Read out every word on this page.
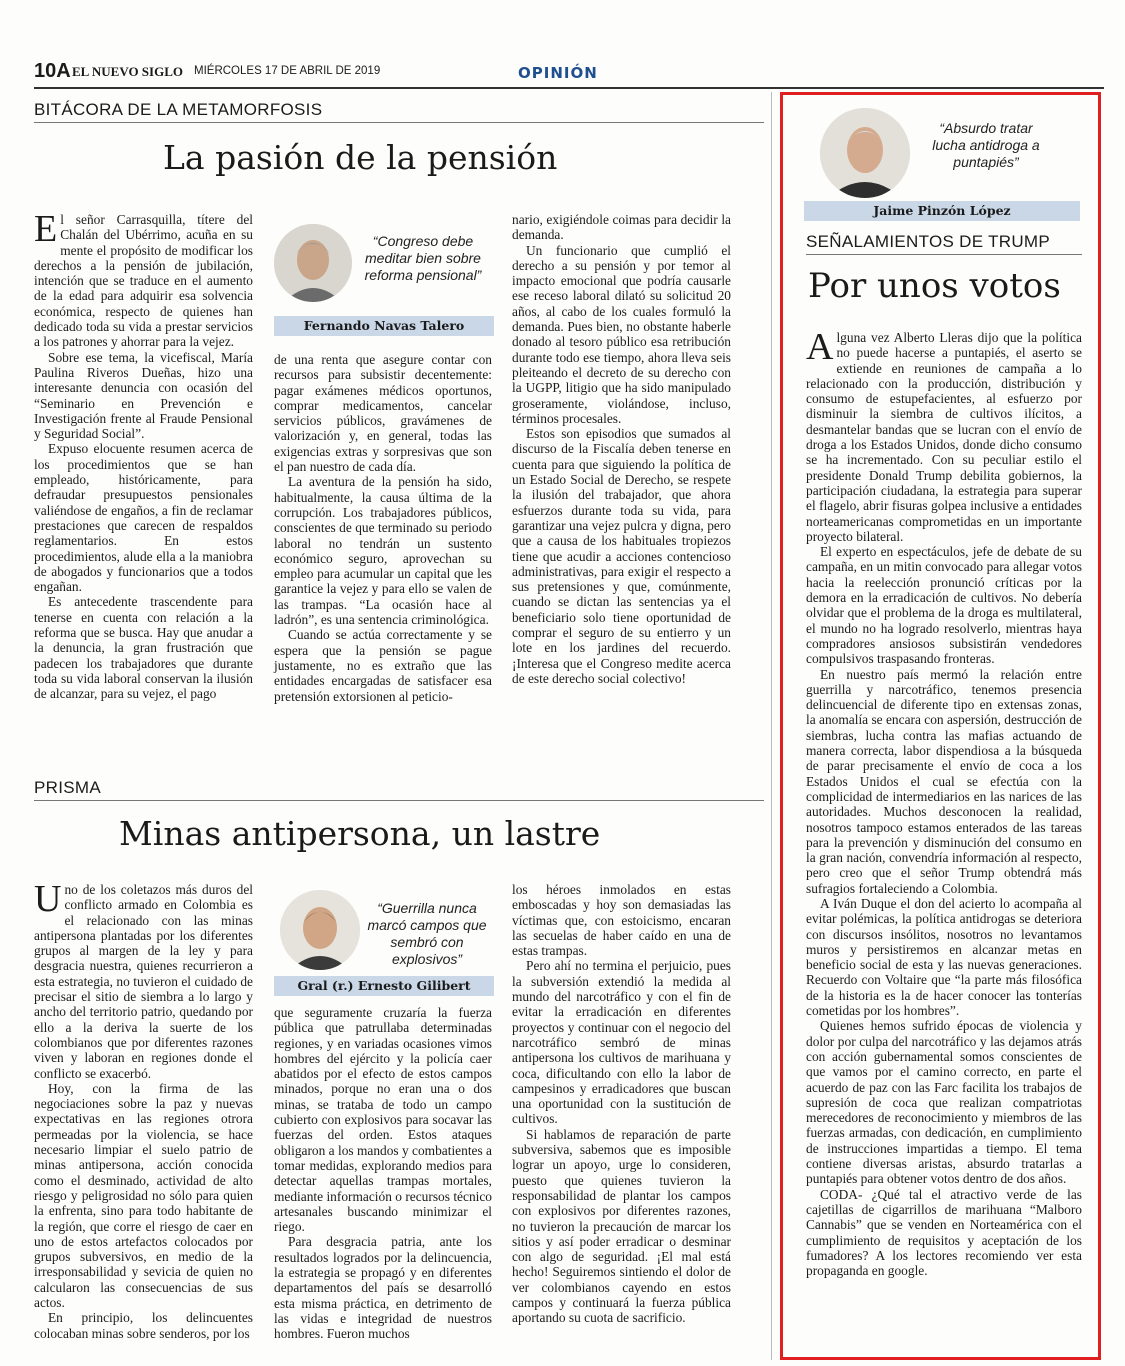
10A EL NUEVO SIGLO MIÉRCOLES 17 DE ABRIL DE 2019	OPINIÓN
BITÁCORA DE LA METAMORFOSIS
La pasión de la pensión

El señor Carrasquilla, títere del Chalán del Ubérrimo, acuña en su mente el propósito de modificar los derechos a la pensión de jubilación, intención que se traduce en el aumento de la edad para adquirir esa solvencia económica, respecto de quienes han dedicado toda su vida a prestar servicios a los patrones y ahorrar para la vejez.

Sobre ese tema, la vicefiscal, María Paulina Riveros Dueñas, hizo una interesante denuncia con ocasión del “Seminario en Prevención e Investigación frente al Fraude Pensional y Seguridad Social”.

Expuso elocuente resumen acerca de los procedimientos que se han empleado, históricamente, para defraudar presupuestos pensionales valiéndose de engaños, a fin de reclamar prestaciones que carecen de respaldos reglamentarios. En estos procedimientos, alude ella a la maniobra de abogados y funcionarios que a todos engañan.

Es antecedente trascendente para tenerse en cuenta con relación a la reforma que se busca. Hay que anudar a la denuncia, la gran frustración que padecen los trabajadores que durante toda su vida laboral conservan la ilusión de alcanzar, para su vejez, el pago

“Congreso debe meditar bien sobre reforma pensional”
Fernando Navas Talero

de una renta que asegure contar con recursos para subsistir decentemente: pagar exámenes médicos oportunos, comprar medicamentos, cancelar servicios públicos, gravámenes de valorización y, en general, todas las exigencias extras y sorpresivas que son el pan nuestro de cada día.

La aventura de la pensión ha sido, habitualmente, la causa última de la corrupción. Los trabajadores públicos, conscientes de que terminado su periodo laboral no tendrán un sustento económico seguro, aprovechan su empleo para acumular un capital que les garantice la vejez y para ello se valen de las trampas. “La ocasión hace al ladrón”, es una sentencia criminológica.

Cuando se actúa correctamente y se espera que la pensión se pague justamente, no es extraño que las entidades encargadas de satisfacer esa pretensión extorsionen al peticio-

nario, exigiéndole coimas para decidir la demanda.

Un funcionario que cumplió el derecho a su pensión y por temor al impacto emocional que podría causarle ese receso laboral dilató su solicitud 20 años, al cabo de los cuales formuló la demanda. Pues bien, no obstante haberle donado al tesoro público esa retribución durante todo ese tiempo, ahora lleva seis pleiteando el decreto de su derecho con la UGPP, litigio que ha sido manipulado groseramente, violándose, incluso, términos procesales.

Estos son episodios que sumados al discurso de la Fiscalía deben tenerse en cuenta para que siguiendo la política de un Estado Social de Derecho, se respete la ilusión del trabajador, que ahora esfuerzos durante toda su vida, para garantizar una vejez pulcra y digna, pero que a causa de los habituales tropiezos tiene que acudir a acciones contencioso administrativas, para exigir el respecto a sus pretensiones y que, comúnmente, cuando se dictan las sentencias ya el beneficiario solo tiene oportunidad de comprar el seguro de su entierro y un lote en los jardines del recuerdo. ¡Interesa que el Congreso medite acerca de este derecho social colectivo!

PRISMA
Minas antipersona, un lastre

Uno de los coletazos más duros del conflicto armado en Colombia es el relacionado con las minas antipersona plantadas por los diferentes grupos al margen de la ley y para desgracia nuestra, quienes recurrieron a esta estrategia, no tuvieron el cuidado de precisar el sitio de siembra a lo largo y ancho del territorio patrio, quedando por ello a la deriva la suerte de los colombianos que por diferentes razones viven y laboran en regiones donde el conflicto se exacerbó.

Hoy, con la firma de las negociaciones sobre la paz y nuevas expectativas en las regiones otrora permeadas por la violencia, se hace necesario limpiar el suelo patrio de minas antipersona, acción conocida como el desminado, actividad de alto riesgo y peligrosidad no sólo para quien la enfrenta, sino para todo habitante de la región, que corre el riesgo de caer en uno de estos artefactos colocados por grupos subversivos, en medio de la irresponsabilidad y sevicia de quien no calcularon las consecuencias de sus actos.

En principio, los delincuentes colocaban minas sobre senderos, por los

“Guerrilla nunca marcó campos que sembró con explosivos”
Gral (r.) Ernesto Gilibert

que seguramente cruzaría la fuerza pública que patrullaba determinadas regiones, y en variadas ocasiones vimos hombres del ejército y la policía caer abatidos por el efecto de estos campos minados, porque no eran una o dos minas, se trataba de todo un campo cubierto con explosivos para socavar las fuerzas del orden. Estos ataques obligaron a los mandos y combatientes a tomar medidas, explorando medios para detectar aquellas trampas mortales, mediante información o recursos técnico artesanales buscando minimizar el riego.

Para desgracia patria, ante los resultados logrados por la delincuencia, la estrategia se propagó y en diferentes departamentos del país se desarrolló esta misma práctica, en detrimento de las vidas e integridad de nuestros hombres. Fueron muchos

los héroes inmolados en estas emboscadas y hoy son demasiadas las víctimas que, con estoicismo, encaran las secuelas de haber caído en una de estas trampas.

Pero ahí no termina el perjuicio, pues la subversión extendió la medida al mundo del narcotráfico y con el fin de evitar la erradicación en diferentes proyectos y continuar con el negocio del narcotráfico sembró de minas antipersona los cultivos de marihuana y coca, dificultando con ello la labor de campesinos y erradicadores que buscan una oportunidad con la sustitución de cultivos.

Si hablamos de reparación de parte subversiva, sabemos que es imposible lograr un apoyo, urge lo consideren, puesto que quienes tuvieron la responsabilidad de plantar los campos con explosivos por diferentes razones, no tuvieron la precaución de marcar los sitios y así poder erradicar o desminar con algo de seguridad. ¡El mal está hecho! Seguiremos sintiendo el dolor de ver colombianos cayendo en estos campos y continuará la fuerza pública aportando su cuota de sacrificio.

“Absurdo tratar lucha antidroga a puntapiés”
Jaime Pinzón López
SEÑALAMIENTOS DE TRUMP
Por unos votos

Alguna vez Alberto Lleras dijo que la política no puede hacerse a puntapiés, el aserto se extiende en reuniones de campaña a lo relacionado con la producción, distribución y consumo de estupefacientes, al esfuerzo por disminuir la siembra de cultivos ilícitos, a desmantelar bandas que se lucran con el envío de droga a los Estados Unidos, donde dicho consumo se ha incrementado. Con su peculiar estilo el presidente Donald Trump debilita gobiernos, la participación ciudadana, la estrategia para superar el flagelo, abrir fisuras golpea inclusive a entidades norteamericanas comprometidas en un importante proyecto bilateral.

El experto en espectáculos, jefe de debate de su campaña, en un mitin convocado para allegar votos hacia la reelección pronunció críticas por la demora en la erradicación de cultivos. No debería olvidar que el problema de la droga es multilateral, el mundo no ha logrado resolverlo, mientras haya compradores ansiosos subsistirán vendedores compulsivos traspasando fronteras.

En nuestro país mermó la relación entre guerrilla y narcotráfico, tenemos presencia delincuencial de diferente tipo en extensas zonas, la anomalía se encara con aspersión, destrucción de siembras, lucha contra las mafias actuando de manera correcta, labor dispendiosa a la búsqueda de parar precisamente el envío de coca a los Estados Unidos el cual se efectúa con la complicidad de intermediarios en las narices de las autoridades. Muchos desconocen la realidad, nosotros tampoco estamos enterados de las tareas para la prevención y disminución del consumo en la gran nación, convendría información al respecto, pero creo que el señor Trump obtendrá más sufragios fortaleciendo a Colombia.

A Iván Duque el don del acierto lo acompaña al evitar polémicas, la política antidrogas se deteriora con discursos insólitos, nosotros no levantamos muros y persistiremos en alcanzar metas en beneficio social de esta y las nuevas generaciones. Recuerdo con Voltaire que “la parte más filosófica de la historia es la de hacer conocer las tonterías cometidas por los hombres”.

Quienes hemos sufrido épocas de violencia y dolor por culpa del narcotráfico y las dejamos atrás con acción gubernamental somos conscientes de que vamos por el camino correcto, en parte el acuerdo de paz con las Farc facilita los trabajos de supresión de coca que realizan compatriotas merecedores de reconocimiento y miembros de las fuerzas armadas, con dedicación, en cumplimiento de instrucciones impartidas a tiempo. El tema contiene diversas aristas, absurdo tratarlas a puntapiés para obtener votos dentro de dos años.

CODA- ¿Qué tal el atractivo verde de las cajetillas de cigarrillos de marihuana “Malboro Cannabis” que se venden en Norteamérica con el cumplimiento de requisitos y aceptación de los fumadores? A los lectores recomiendo ver esta propaganda en google.
